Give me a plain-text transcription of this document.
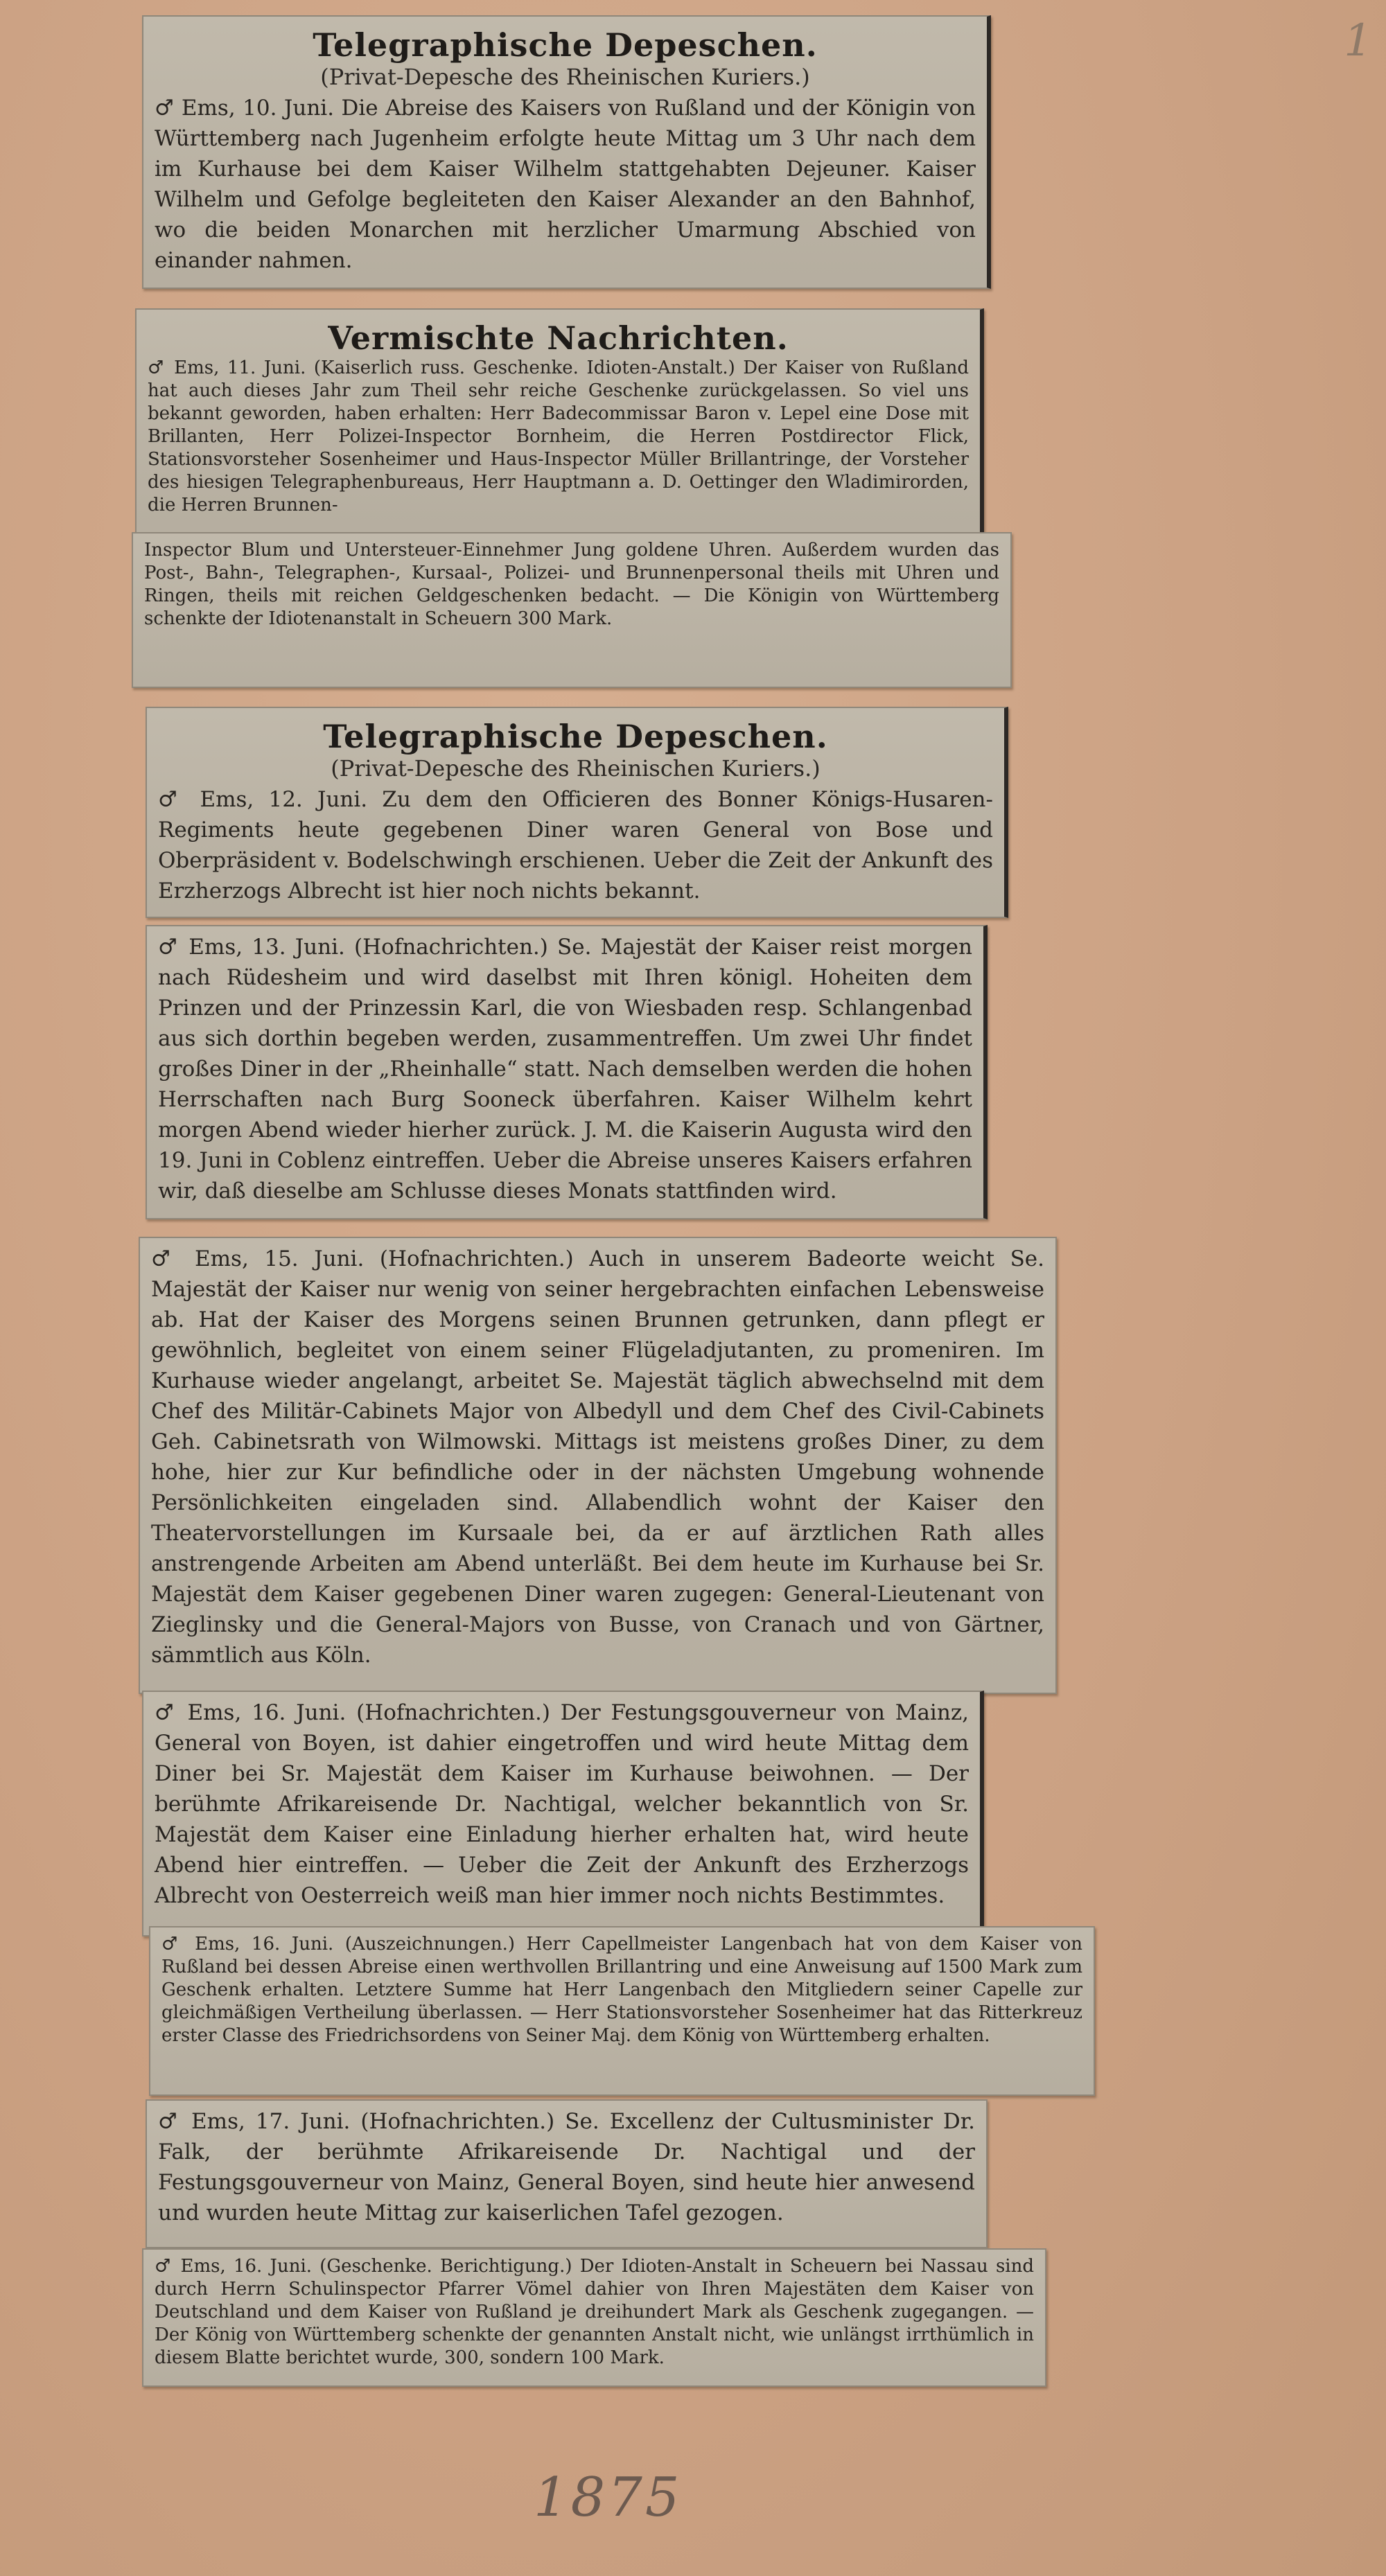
1
Telegraphische Depeschen.
(Privat-Depesche des Rheinischen Kuriers.)

♂ Ems, 10. Juni. Die Abreise des Kaisers von Rußland und der Königin von Württemberg nach Jugenheim erfolgte heute Mittag um 3 Uhr nach dem im Kurhause bei dem Kaiser Wilhelm stattgehabten Dejeuner. Kaiser Wilhelm und Gefolge begleiteten den Kaiser Alexander an den Bahnhof, wo die beiden Monarchen mit herzlicher Umarmung Abschied von einander nahmen.

Vermischte Nachrichten.

♂ Ems, 11. Juni. (Kaiserlich russ. Geschenke. Idioten-Anstalt.) Der Kaiser von Rußland hat auch dieses Jahr zum Theil sehr reiche Geschenke zurückgelassen. So viel uns bekannt geworden, haben erhalten: Herr Badecommissar Baron v. Lepel eine Dose mit Brillanten, Herr Polizei-Inspector Bornheim, die Herren Postdirector Flick, Stationsvorsteher Sosenheimer und Haus-Inspector Müller Brillantringe, der Vorsteher des hiesigen Telegraphenbureaus, Herr Hauptmann a. D. Oettinger den Wladimirorden, die Herren Brunnen-

Inspector Blum und Untersteuer-Einnehmer Jung goldene Uhren. Außerdem wurden das Post-, Bahn-, Telegraphen-, Kursaal-, Polizei- und Brunnenpersonal theils mit Uhren und Ringen, theils mit reichen Geldgeschenken bedacht. — Die Königin von Württemberg schenkte der Idiotenanstalt in Scheuern 300 Mark.

Telegraphische Depeschen.
(Privat-Depesche des Rheinischen Kuriers.)

♂ Ems, 12. Juni. Zu dem den Officieren des Bonner Königs-Husaren-Regiments heute gegebenen Diner waren General von Bose und Oberpräsident v. Bodelschwingh erschienen. Ueber die Zeit der Ankunft des Erzherzogs Albrecht ist hier noch nichts bekannt.

♂ Ems, 13. Juni. (Hofnachrichten.) Se. Majestät der Kaiser reist morgen nach Rüdesheim und wird daselbst mit Ihren königl. Hoheiten dem Prinzen und der Prinzessin Karl, die von Wiesbaden resp. Schlangenbad aus sich dorthin begeben werden, zusammentreffen. Um zwei Uhr findet großes Diner in der „Rheinhalle“ statt. Nach demselben werden die hohen Herrschaften nach Burg Sooneck überfahren. Kaiser Wilhelm kehrt morgen Abend wieder hierher zurück. J. M. die Kaiserin Augusta wird den 19. Juni in Coblenz eintreffen. Ueber die Abreise unseres Kaisers erfahren wir, daß dieselbe am Schlusse dieses Monats stattfinden wird.

♂ Ems, 15. Juni. (Hofnachrichten.) Auch in unserem Badeorte weicht Se. Majestät der Kaiser nur wenig von seiner hergebrachten einfachen Lebensweise ab. Hat der Kaiser des Morgens seinen Brunnen getrunken, dann pflegt er gewöhnlich, begleitet von einem seiner Flügeladjutanten, zu promeniren. Im Kurhause wieder angelangt, arbeitet Se. Majestät täglich abwechselnd mit dem Chef des Militär-Cabinets Major von Albedyll und dem Chef des Civil-Cabinets Geh. Cabinetsrath von Wilmowski. Mittags ist meistens großes Diner, zu dem hohe, hier zur Kur befindliche oder in der nächsten Umgebung wohnende Persönlichkeiten eingeladen sind. Allabendlich wohnt der Kaiser den Theatervorstellungen im Kursaale bei, da er auf ärztlichen Rath alles anstrengende Arbeiten am Abend unterläßt. Bei dem heute im Kurhause bei Sr. Majestät dem Kaiser gegebenen Diner waren zugegen: General-Lieutenant von Zieglinsky und die General-Majors von Busse, von Cranach und von Gärtner, sämmtlich aus Köln.

♂ Ems, 16. Juni. (Hofnachrichten.) Der Festungsgouverneur von Mainz, General von Boyen, ist dahier eingetroffen und wird heute Mittag dem Diner bei Sr. Majestät dem Kaiser im Kurhause beiwohnen. — Der berühmte Afrikareisende Dr. Nachtigal, welcher bekanntlich von Sr. Majestät dem Kaiser eine Einladung hierher erhalten hat, wird heute Abend hier eintreffen. — Ueber die Zeit der Ankunft des Erzherzogs Albrecht von Oesterreich weiß man hier immer noch nichts Bestimmtes.

♂ Ems, 16. Juni. (Auszeichnungen.) Herr Capellmeister Langenbach hat von dem Kaiser von Rußland bei dessen Abreise einen werthvollen Brillantring und eine Anweisung auf 1500 Mark zum Geschenk erhalten. Letztere Summe hat Herr Langenbach den Mitgliedern seiner Capelle zur gleichmäßigen Vertheilung überlassen. — Herr Stationsvorsteher Sosenheimer hat das Ritterkreuz erster Classe des Friedrichsordens von Seiner Maj. dem König von Württemberg erhalten.

♂ Ems, 17. Juni. (Hofnachrichten.) Se. Excellenz der Cultusminister Dr. Falk, der berühmte Afrikareisende Dr. Nachtigal und der Festungsgouverneur von Mainz, General Boyen, sind heute hier anwesend und wurden heute Mittag zur kaiserlichen Tafel gezogen.

♂ Ems, 16. Juni. (Geschenke. Berichtigung.) Der Idioten-Anstalt in Scheuern bei Nassau sind durch Herrn Schulinspector Pfarrer Vömel dahier von Ihren Majestäten dem Kaiser von Deutschland und dem Kaiser von Rußland je dreihundert Mark als Geschenk zugegangen. — Der König von Württemberg schenkte der genannten Anstalt nicht, wie unlängst irrthümlich in diesem Blatte berichtet wurde, 300, sondern 100 Mark.

1875
